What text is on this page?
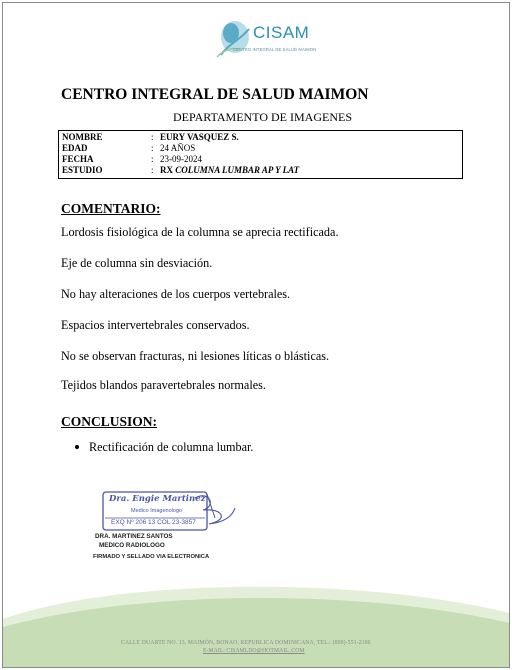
CISAM
CENTRO INTEGRAL DE SALUD MAIMON
CENTRO INTEGRAL DE SALUD MAIMON
DEPARTAMENTO DE IMAGENES
NOMBRE	: EURY VASQUEZ S.
EDAD	: 24 AÑOS
FECHA	: 23-09-2024
ESTUDIO	: RX COLUMNA LUMBAR AP Y LAT
COMENTARIO:
Lordosis fisiológica de la columna se aprecia rectificada.
Eje de columna sin desviación.
No hay alteraciones de los cuerpos vertebrales.
Espacios intervertebrales conservados.
No se observan fracturas, ni lesiones líticas o blásticas.
Tejidos blandos paravertebrales normales.
CONCLUSION:
Rectificación de columna lumbar.
Dra. Engie Martinez
Medico Imagenologo
EXQ Nº 206 13 COL 23-3857
DRA. MARTINEZ SANTOS
MEDICO RADIOLOGO
FIRMADO Y SELLADO VIA ELECTRONICA
CALLE DUARTE NO. 13, MAIMÓN, BONAO, REPUBLICA DOMINICANA, TEL.: (809)-551-2196
E-MAIL: CISAMLDO@HOTMAIL .COM
